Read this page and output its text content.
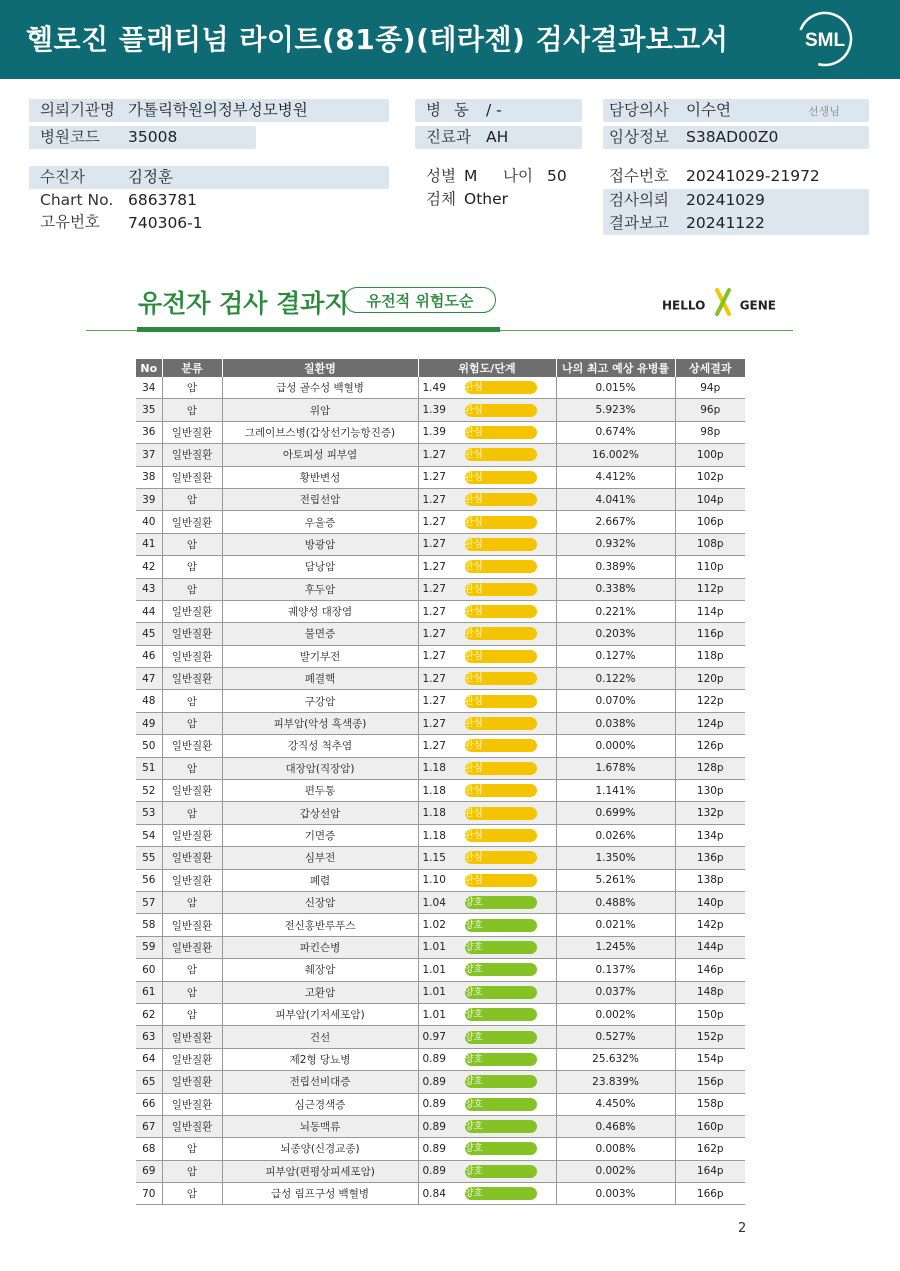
헬로진 플래티넘 라이트(81종)(테라젠) 검사결과보고서	SML
의뢰기관명 가톨릭학원의정부성모병원
병원코드 35008
병 동 / -
진료과 AH
담당의사 이수연	선생님
임상정보 S38AD00Z0
수진자	김정훈
Chart No. 6863781
고유번호 740306-1
성별 M 나이 50
검체 Other
접수번호 20241029-21972
검사의뢰 20241029
결과보고 20241122
유전자 검사 결과지	유전적 위험도순	HELLO	GENE
No	분류	질환명	위험도/단계	나의 최고 예상 유병률	상세결과
34	암	급성 골수성 백혈병	1.49 관심	0.015%	94p
35	암	위암	1.39 관심	5.923%	96p
36	일반질환	그레이브스병(갑상선기능항진증)	1.39 관심	0.674%	98p
37	일반질환	아토피성 피부염	1.27 관심	16.002%	100p
38	일반질환	황반변성	1.27 관심	4.412%	102p
39	암	전립선암	1.27 관심	4.041%	104p
40	일반질환	우울증	1.27 관심	2.667%	106p
41	암	방광암	1.27 관심	0.932%	108p
42	암	담낭암	1.27 관심	0.389%	110p
43	암	후두암	1.27 관심	0.338%	112p
44	일반질환	궤양성 대장염	1.27 관심	0.221%	114p
45	일반질환	불면증	1.27 관심	0.203%	116p
46	일반질환	발기부전	1.27 관심	0.127%	118p
47	일반질환	폐결핵	1.27 관심	0.122%	120p
48	암	구강암	1.27 관심	0.070%	122p
49	암	피부암(악성 흑색종)	1.27 관심	0.038%	124p
50	일반질환	강직성 척추염	1.27 관심	0.000%	126p
51	암	대장암(직장암)	1.18 관심	1.678%	128p
52	일반질환	편두통	1.18 관심	1.141%	130p
53	암	갑상선암	1.18 관심	0.699%	132p
54	일반질환	기면증	1.18 관심	0.026%	134p
55	일반질환	심부전	1.15 관심	1.350%	136p
56	일반질환	폐렴	1.10 관심	5.261%	138p
57	암	신장암	1.04 양호	0.488%	140p
58	일반질환	전신홍반루푸스	1.02 양호	0.021%	142p
59	일반질환	파킨슨병	1.01 양호	1.245%	144p
60	암	췌장암	1.01 양호	0.137%	146p
61	암	고환암	1.01 양호	0.037%	148p
62	암	피부암(기저세포암)	1.01 양호	0.002%	150p
63	일반질환	건선	0.97 양호	0.527%	152p
64	일반질환	제2형 당뇨병	0.89 양호	25.632%	154p
65	일반질환	전립선비대증	0.89 양호	23.839%	156p
66	일반질환	심근경색증	0.89 양호	4.450%	158p
67	일반질환	뇌동맥류	0.89 양호	0.468%	160p
68	암	뇌종양(신경교종)	0.89 양호	0.008%	162p
69	암	피부암(편평상피세포암)	0.89 양호	0.002%	164p
70	암	급성 림프구성 백혈병	0.84 양호	0.003%	166p
2
